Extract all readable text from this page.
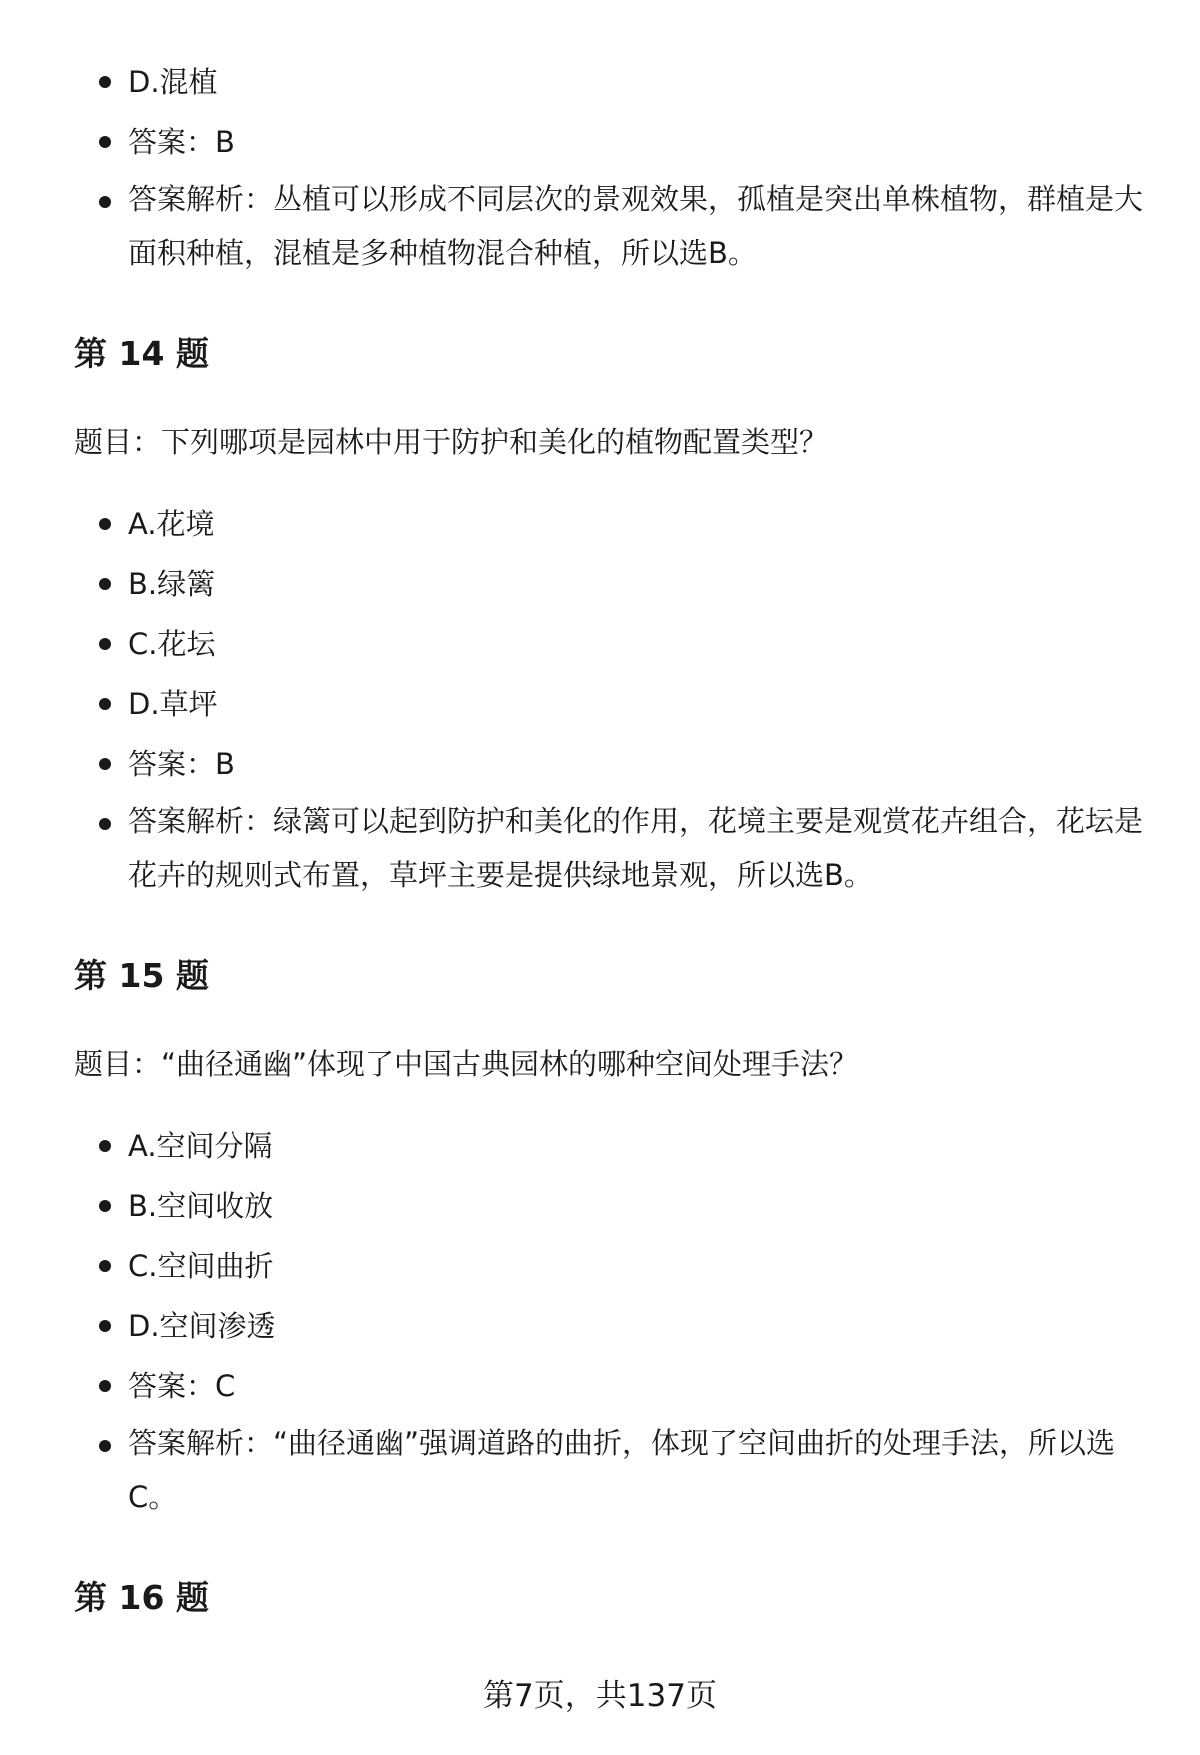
D.混植
答案：B
答案解析：丛植可以形成不同层次的景观效果，孤植是突出单株植物，群植是大面积种植，混植是多种植物混合种植，所以选B。
第 14 题

题目：下列哪项是园林中用于防护和美化的植物配置类型？

A.花境
B.绿篱
C.花坛
D.草坪
答案：B
答案解析：绿篱可以起到防护和美化的作用，花境主要是观赏花卉组合，花坛是花卉的规则式布置，草坪主要是提供绿地景观，所以选B。
第 15 题

题目：“曲径通幽”体现了中国古典园林的哪种空间处理手法？

A.空间分隔
B.空间收放
C.空间曲折
D.空间渗透
答案：C
答案解析：“曲径通幽”强调道路的曲折，体现了空间曲折的处理手法，所以选C。
第 16 题
第7页，共137页
